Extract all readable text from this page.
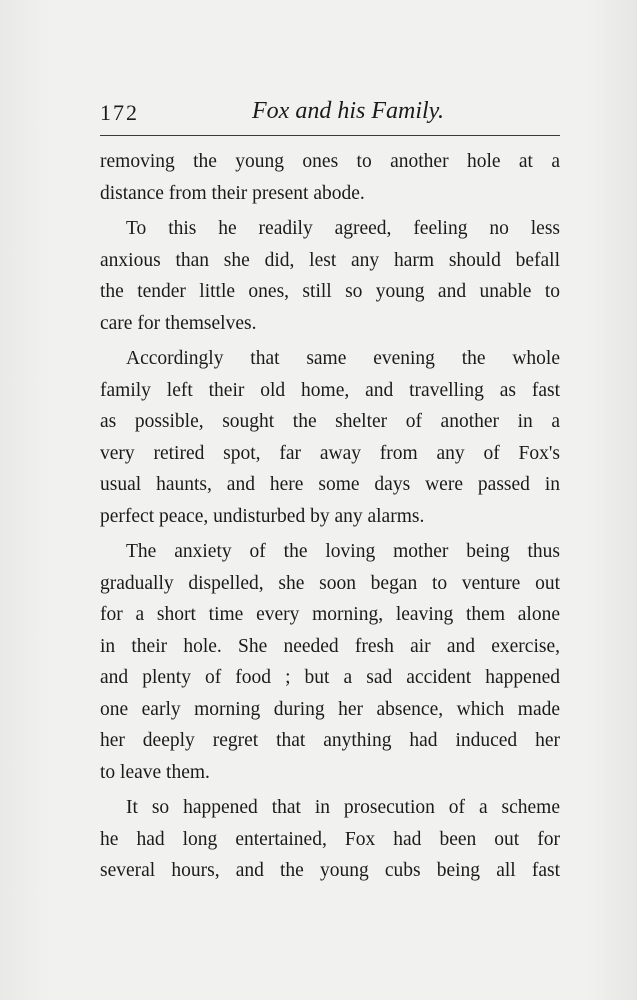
172	Fox and his Family.
removing the young ones to another hole at a
distance from their present abode.
To this he readily agreed, feeling no less
anxious than she did, lest any harm should befall
the tender little ones, still so young and unable to
care for themselves.
Accordingly that same evening the whole
family left their old home, and travelling as fast
as possible, sought the shelter of another in a
very retired spot, far away from any of Fox's
usual haunts, and here some days were passed in
perfect peace, undisturbed by any alarms.
The anxiety of the loving mother being thus
gradually dispelled, she soon began to venture out
for a short time every morning, leaving them alone
in their hole. She needed fresh air and exercise,
and plenty of food ; but a sad accident happened
one early morning during her absence, which made
her deeply regret that anything had induced her
to leave them.
It so happened that in prosecution of a scheme
he had long entertained, Fox had been out for
several hours, and the young cubs being all fast
